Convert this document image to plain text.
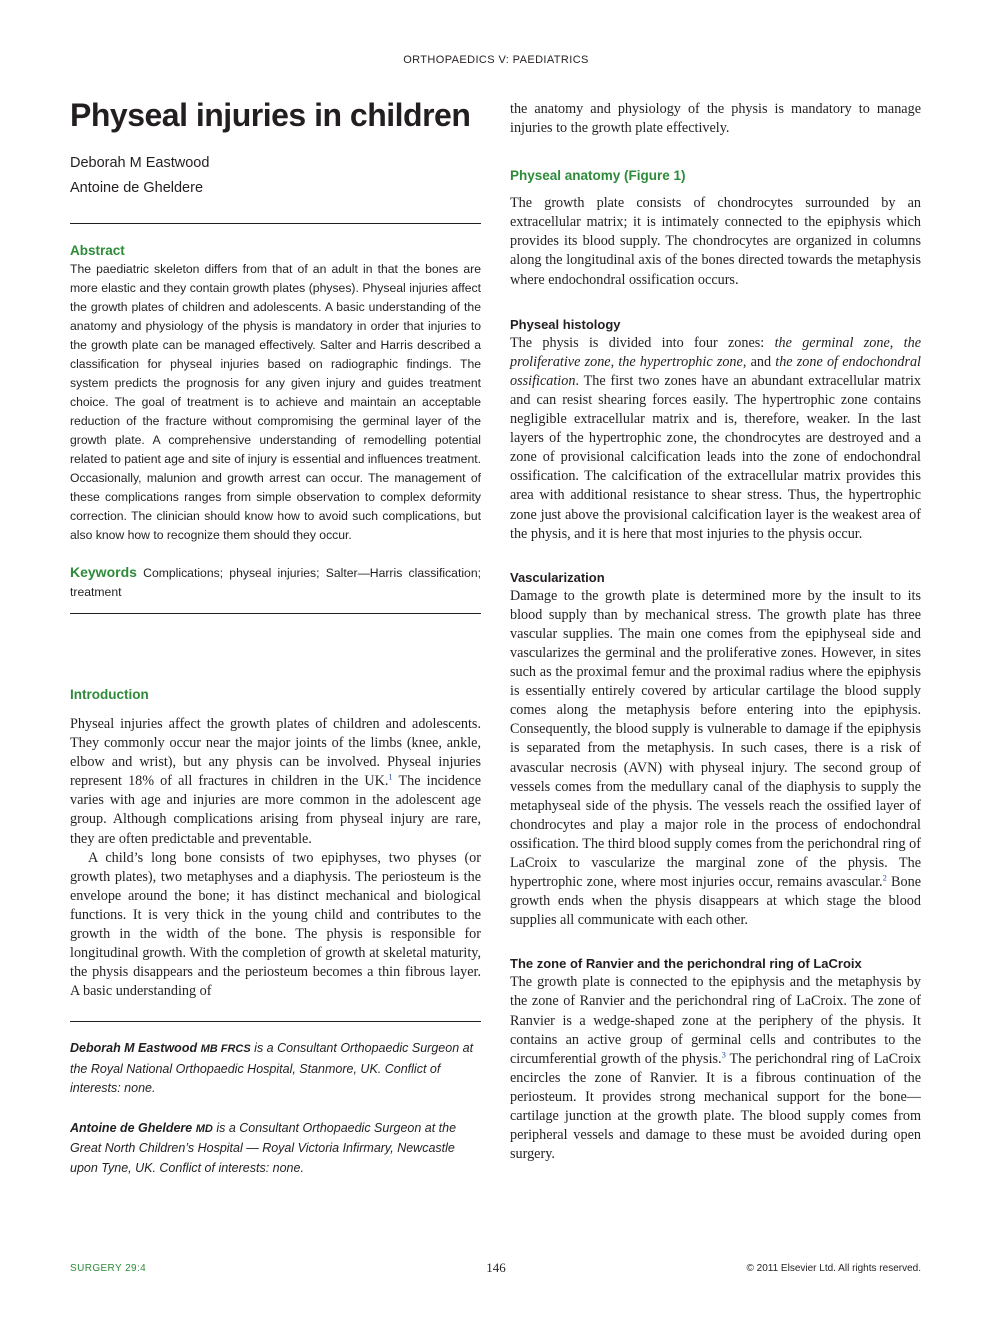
ORTHOPAEDICS V: PAEDIATRICS
Physeal injuries in children

Deborah M Eastwood

Antoine de Gheldere

Abstract

The paediatric skeleton differs from that of an adult in that the bones are more elastic and they contain growth plates (physes). Physeal injuries affect the growth plates of children and adolescents. A basic understanding of the anatomy and physiology of the physis is mandatory in order that injuries to the growth plate can be managed effectively. Salter and Harris described a classification for physeal injuries based on radiographic findings. The system predicts the prognosis for any given injury and guides treatment choice. The goal of treatment is to achieve and maintain an acceptable reduction of the fracture without compromising the germinal layer of the growth plate. A comprehensive understanding of remodelling potential related to patient age and site of injury is essential and influences treatment. Occasionally, malunion and growth arrest can occur. The management of these complications ranges from simple observation to complex deformity correction. The clinician should know how to avoid such complications, but also know how to recognize them should they occur.

Keywords Complications; physeal injuries; Salter—Harris classification; treatment

Introduction

Physeal injuries affect the growth plates of children and adolescents. They commonly occur near the major joints of the limbs (knee, ankle, elbow and wrist), but any physis can be involved. Physeal injuries represent 18% of all fractures in children in the UK.$^1$ The incidence varies with age and injuries are more common in the adolescent age group. Although complications arising from physeal injury are rare, they are often predictable and preventable.

A child’s long bone consists of two epiphyses, two physes (or growth plates), two metaphyses and a diaphysis. The periosteum is the envelope around the bone; it has distinct mechanical and biological functions. It is very thick in the young child and contributes to the growth in the width of the bone. The physis is responsible for longitudinal growth. With the completion of growth at skeletal maturity, the physis disappears and the periosteum becomes a thin fibrous layer. A basic understanding of

Deborah M Eastwood MB FRCS is a Consultant Orthopaedic Surgeon at the Royal National Orthopaedic Hospital, Stanmore, UK. Conflict of interests: none.

Antoine de Gheldere MD is a Consultant Orthopaedic Surgeon at the Great North Children’s Hospital — Royal Victoria Infirmary, Newcastle upon Tyne, UK. Conflict of interests: none.

the anatomy and physiology of the physis is mandatory to manage injuries to the growth plate effectively.

Physeal anatomy (Figure 1)

The growth plate consists of chondrocytes surrounded by an extracellular matrix; it is intimately connected to the epiphysis which provides its blood supply. The chondrocytes are organized in columns along the longitudinal axis of the bones directed towards the metaphysis where endochondral ossification occurs.

Physeal histology

The physis is divided into four zones: the germinal zone, the proliferative zone, the hypertrophic zone, and the zone of endochondral ossification. The first two zones have an abundant extracellular matrix and can resist shearing forces easily. The hypertrophic zone contains negligible extracellular matrix and is, therefore, weaker. In the last layers of the hypertrophic zone, the chondrocytes are destroyed and a zone of provisional calcification leads into the zone of endochondral ossification. The calcification of the extracellular matrix provides this area with additional resistance to shear stress. Thus, the hypertrophic zone just above the provisional calcification layer is the weakest area of the physis, and it is here that most injuries to the physis occur.

Vascularization

Damage to the growth plate is determined more by the insult to its blood supply than by mechanical stress. The growth plate has three vascular supplies. The main one comes from the epiphyseal side and vascularizes the germinal and the proliferative zones. However, in sites such as the proximal femur and the proximal radius where the epiphysis is essentially entirely covered by articular cartilage the blood supply comes along the metaphysis before entering into the epiphysis. Consequently, the blood supply is vulnerable to damage if the epiphysis is separated from the metaphysis. In such cases, there is a risk of avascular necrosis (AVN) with physeal injury. The second group of vessels comes from the medullary canal of the diaphysis to supply the metaphyseal side of the physis. The vessels reach the ossified layer of chondrocytes and play a major role in the process of endochondral ossification. The third blood supply comes from the perichondral ring of LaCroix to vascularize the marginal zone of the physis. The hypertrophic zone, where most injuries occur, remains avascular.$^2$ Bone growth ends when the physis disappears at which stage the blood supplies all communicate with each other.

The zone of Ranvier and the perichondral ring of LaCroix

The growth plate is connected to the epiphysis and the metaphysis by the zone of Ranvier and the perichondral ring of LaCroix. The zone of Ranvier is a wedge-shaped zone at the periphery of the physis. It contains an active group of germinal cells and contributes to the circumferential growth of the physis.$^3$ The perichondral ring of LaCroix encircles the zone of Ranvier. It is a fibrous continuation of the periosteum. It provides strong mechanical support for the bone—cartilage junction at the growth plate. The blood supply comes from peripheral vessels and damage to these must be avoided during open surgery.

SURGERY 29:4	146	© 2011 Elsevier Ltd. All rights reserved.
